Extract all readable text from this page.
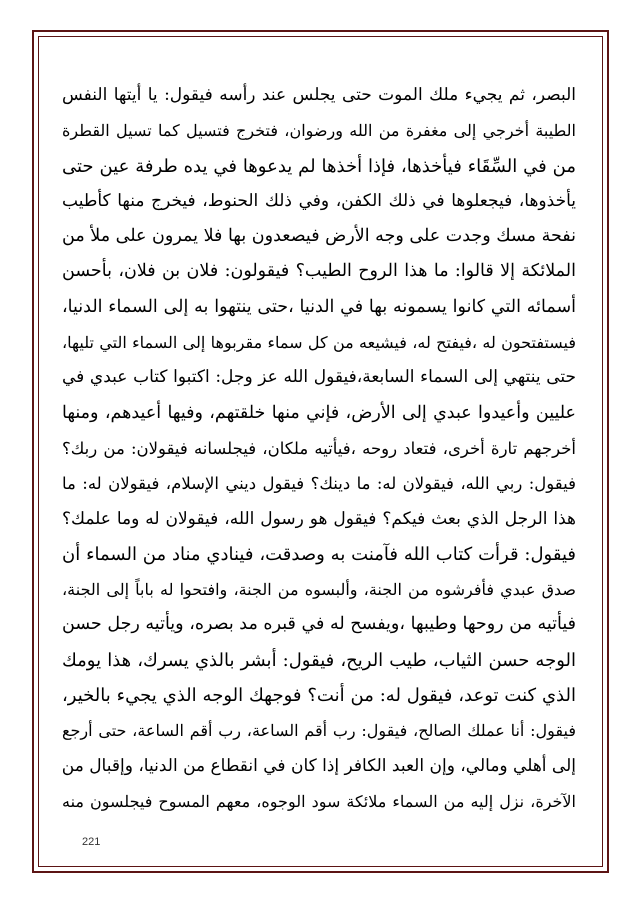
البصر، ثم يجيء ملك الموت حتى يجلس عند رأسه فيقول: يا أيتها النفس
الطيبة أخرجي إلى مغفرة من الله ورضوان، فتخرج فتسيل كما تسيل القطرة
من في السِّقَاء فيأخذها، فإذا أخذها لم يدعوها في يده طرفة عين حتى
يأخذوها، فيجعلوها في ذلك الكفن، وفي ذلك الحنوط، فيخرج منها كأطيب
نفحة مسك وجدت على وجه الأرض فيصعدون بها فلا يمرون على ملأ من
الملائكة إلا قالوا: ما هذا الروح الطيب؟ فيقولون: فلان بن فلان، بأحسن
أسمائه التي كانوا يسمونه بها في الدنيا ،حتى ينتهوا به إلى السماء الدنيا،
فيستفتحون له ،فيفتح له، فيشيعه من كل سماء مقربوها إلى السماء التي تليها،
حتى ينتهي إلى السماء السابعة،فيقول الله عز وجل: اكتبوا كتاب عبدي في
عليين وأعيدوا عبدي إلى الأرض، فإني منها خلقتهم، وفيها أعيدهم، ومنها
أخرجهم تارة أخرى، فتعاد روحه ،فيأتيه ملكان، فيجلسانه فيقولان: من ربك؟
فيقول: ربي الله، فيقولان له: ما دينك؟ فيقول ديني الإسلام، فيقولان له: ما
هذا الرجل الذي بعث فيكم؟ فيقول هو رسول الله، فيقولان له وما علمك؟
فيقول: قرأت كتاب الله فآمنت به وصدقت، فينادي مناد من السماء أن
صدق عبدي فأفرشوه من الجنة، وألبسوه من الجنة، وافتحوا له باباً إلى الجنة،
فيأتيه من روحها وطيبها ،ويفسح له في قبره مد بصره، ويأتيه رجل حسن
الوجه حسن الثياب، طيب الريح، فيقول: أبشر بالذي يسرك، هذا يومك
الذي كنت توعد، فيقول له: من أنت؟ فوجهك الوجه الذي يجيء بالخير،
فيقول: أنا عملك الصالح، فيقول: رب أقم الساعة، رب أقم الساعة، حتى أرجع
إلى أهلي ومالي، وإن العبد الكافر إذا كان في انقطاع من الدنيا، وإقبال من
الآخرة، نزل إليه من السماء ملائكة سود الوجوه، معهم المسوح فيجلسون منه
221
